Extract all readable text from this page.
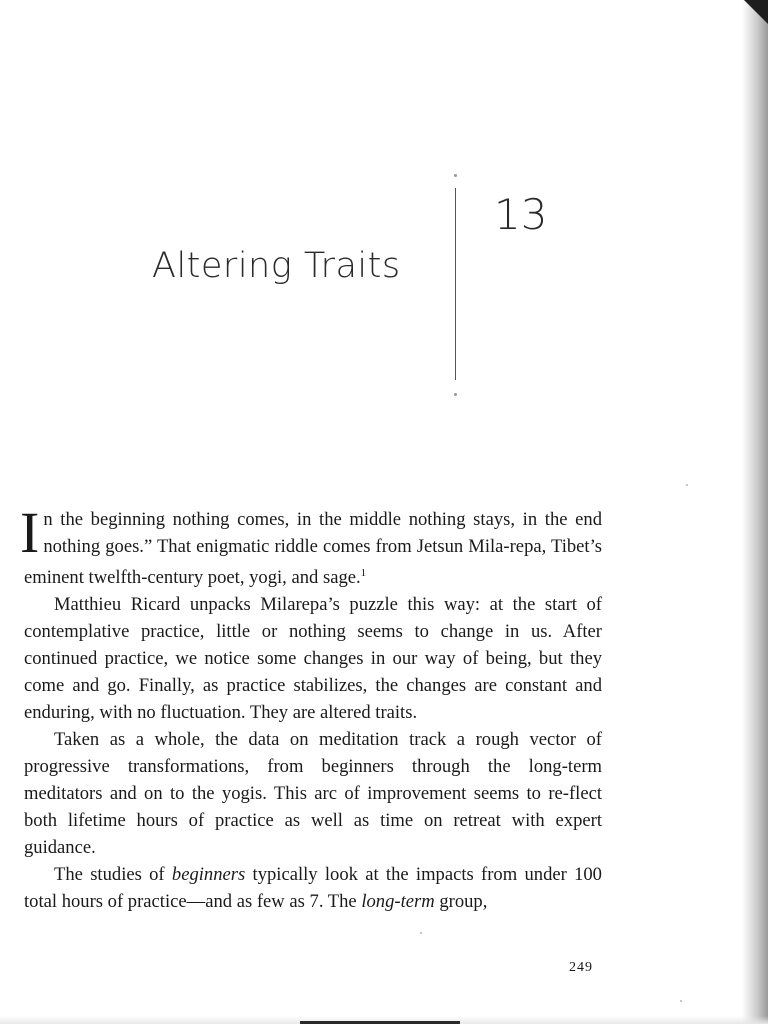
Altering Traits
13

In the beginning nothing comes, in the middle nothing stays, in the end nothing goes.” That enigmatic riddle comes from Jetsun Mila-repa, Tibet’s eminent twelfth-century poet, yogi, and sage.$^1$

Matthieu Ricard unpacks Milarepa’s puzzle this way: at the start of contemplative practice, little or nothing seems to change in us. After continued practice, we notice some changes in our way of being, but they come and go. Finally, as practice stabilizes, the changes are constant and enduring, with no fluctuation. They are altered traits.

Taken as a whole, the data on meditation track a rough vector of progressive transformations, from beginners through the long-term meditators and on to the yogis. This arc of improvement seems to re-flect both lifetime hours of practice as well as time on retreat with expert guidance.

The studies of beginners typically look at the impacts from under 100 total hours of practice—and as few as 7. The long-term group,

249
